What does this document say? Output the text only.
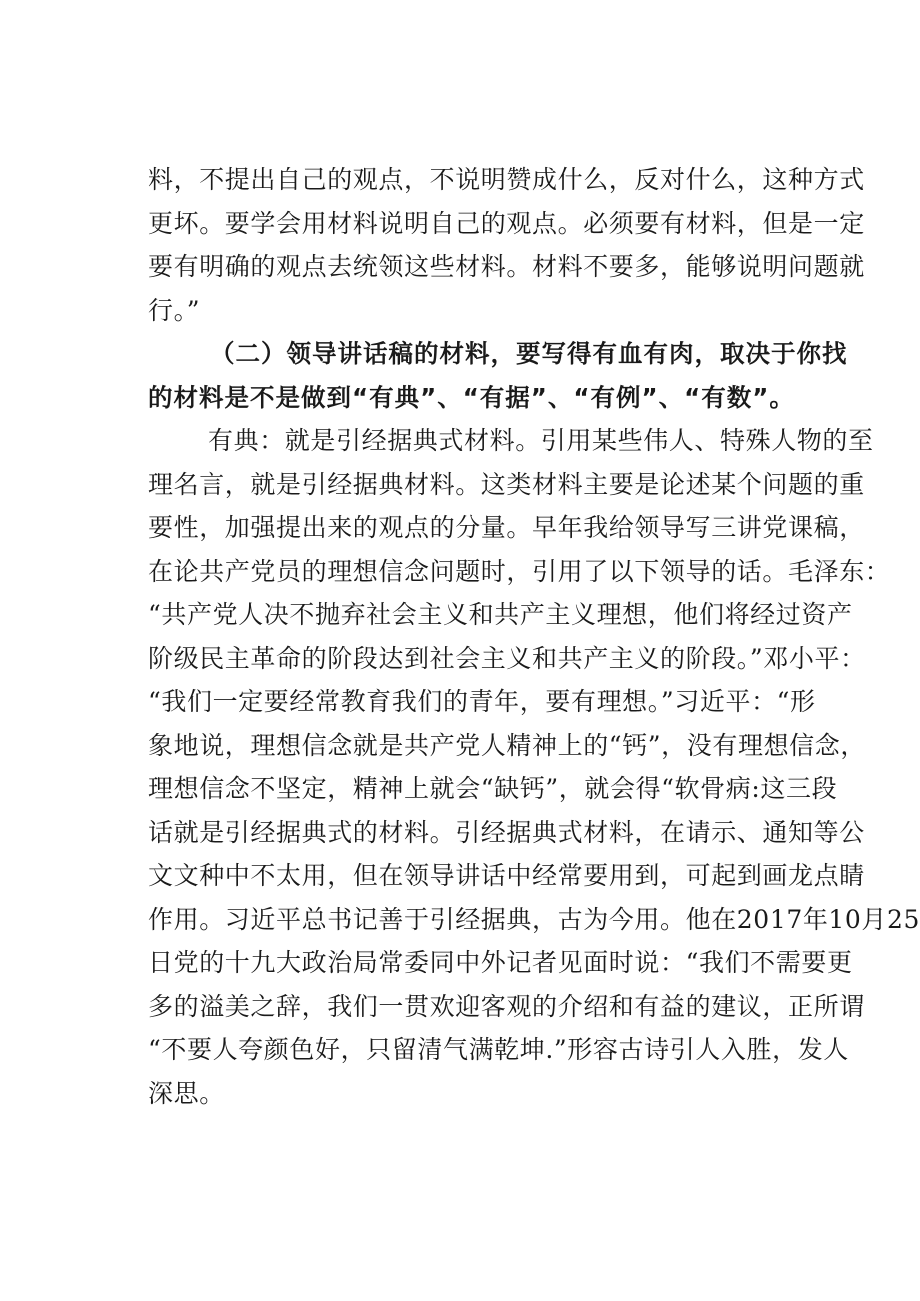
料，不提出自己的观点，不说明赞成什么，反对什么，这种方式
更坏。要学会用材料说明自己的观点。必须要有材料，但是一定
要有明确的观点去统领这些材料。材料不要多，能够说明问题就
行。”
（二）领导讲话稿的材料，要写得有血有肉，取决于你找
的材料是不是做到“有典”、“有据”、“有例”、“有数”。
有典：就是引经据典式材料。引用某些伟人、特殊人物的至
理名言，就是引经据典材料。这类材料主要是论述某个问题的重
要性，加强提出来的观点的分量。早年我给领导写三讲党课稿，
在论共产党员的理想信念问题时，引用了以下领导的话。毛泽东：
“共产党人决不抛弃社会主义和共产主义理想，他们将经过资产
阶级民主革命的阶段达到社会主义和共产主义的阶段。”邓小平：
“我们一定要经常教育我们的青年，要有理想。”习近平：“形
象地说，理想信念就是共产党人精神上的“钙”，没有理想信念，
理想信念不坚定，精神上就会“缺钙”，就会得“软骨病:这三段
话就是引经据典式的材料。引经据典式材料，在请示、通知等公
文文种中不太用，但在领导讲话中经常要用到，可起到画龙点睛
作用。习近平总书记善于引经据典，古为今用。他在2017年10月25
日党的十九大政治局常委同中外记者见面时说：“我们不需要更
多的溢美之辞，我们一贯欢迎客观的介绍和有益的建议，正所谓
“不要人夸颜色好，只留清气满乾坤.”形容古诗引人入胜，发人
深思。
